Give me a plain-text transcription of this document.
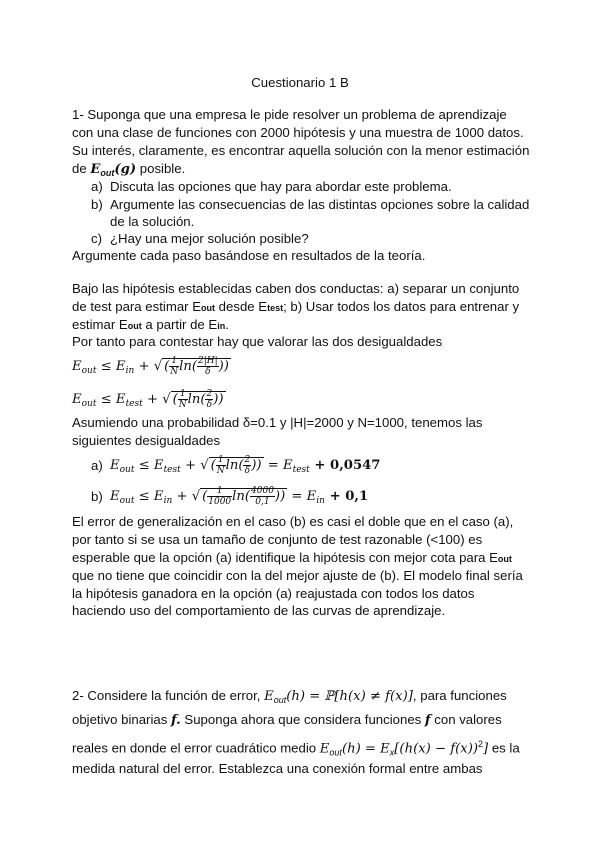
Cuestionario 1 B
1- Suponga que una empresa le pide resolver un problema de aprendizaje
con una clase de funciones con 2000 hipótesis y una muestra de 1000 datos.
Su interés, claramente, es encontrar aquella solución con la menor estimación
de $E_{out}(g)$ posible.
a) Discuta las opciones que hay para abordar este problema.
b) Argumente las consecuencias de las distintas opciones sobre la calidad
de la solución.
c) ¿Hay una mejor solución posible?
Argumente cada paso basándose en resultados de la teoría.
Bajo las hipótesis establecidas caben dos conductas: a) separar un conjunto
de test para estimar Eout desde Etest; b) Usar todos los datos para entrenar y
estimar Eout a partir de Ein.
Por tanto para contestar hay que valorar las dos desigualdades
$E_{out} \le E_{in}$ + √ ( $\frac{1}{N} \ln( \frac{2|H|}{\delta}$ ))
$E_{out} \le E_{test}$ + √ ( $\frac{1}{N} \ln( \frac{2}{\delta}$ ))
Asumiendo una probabilidad δ=0.1 y |H|=2000 y N=1000, tenemos las
siguientes desigualdades
a) $E_{out} \le E_{test}$ + √ ( $\frac{1}{N} \ln( \frac{2}{\delta}$ )) = $E_{test} + 0,0547$
b) $E_{out} \le E_{in}$ + √ ( $\frac{1}{1000} \ln( \frac{4000}{0,1}$ )) = $E_{in} + 0,1$
El error de generalización en el caso (b) es casi el doble que en el caso (a),
por tanto si se usa un tamaño de conjunto de test razonable (<100) es
esperable que la opción (a) identifique la hipótesis con mejor cota para Eout
que no tiene que coincidir con la del mejor ajuste de (b). El modelo final sería
la hipótesis ganadora en la opción (a) reajustada con todos los datos
haciendo uso del comportamiento de las curvas de aprendizaje.
2- Considere la función de error, $E_{out}(h)$ = ℙ[h(x) ≠ f(x)], para funciones
objetivo binarias f. Suponga ahora que considera funciones f con valores
reales en donde el error cuadrático medio $E_{out}(h) = E_x[(h(x) - f(x))^2]$ es la
medida natural del error. Establezca una conexión formal entre ambas
